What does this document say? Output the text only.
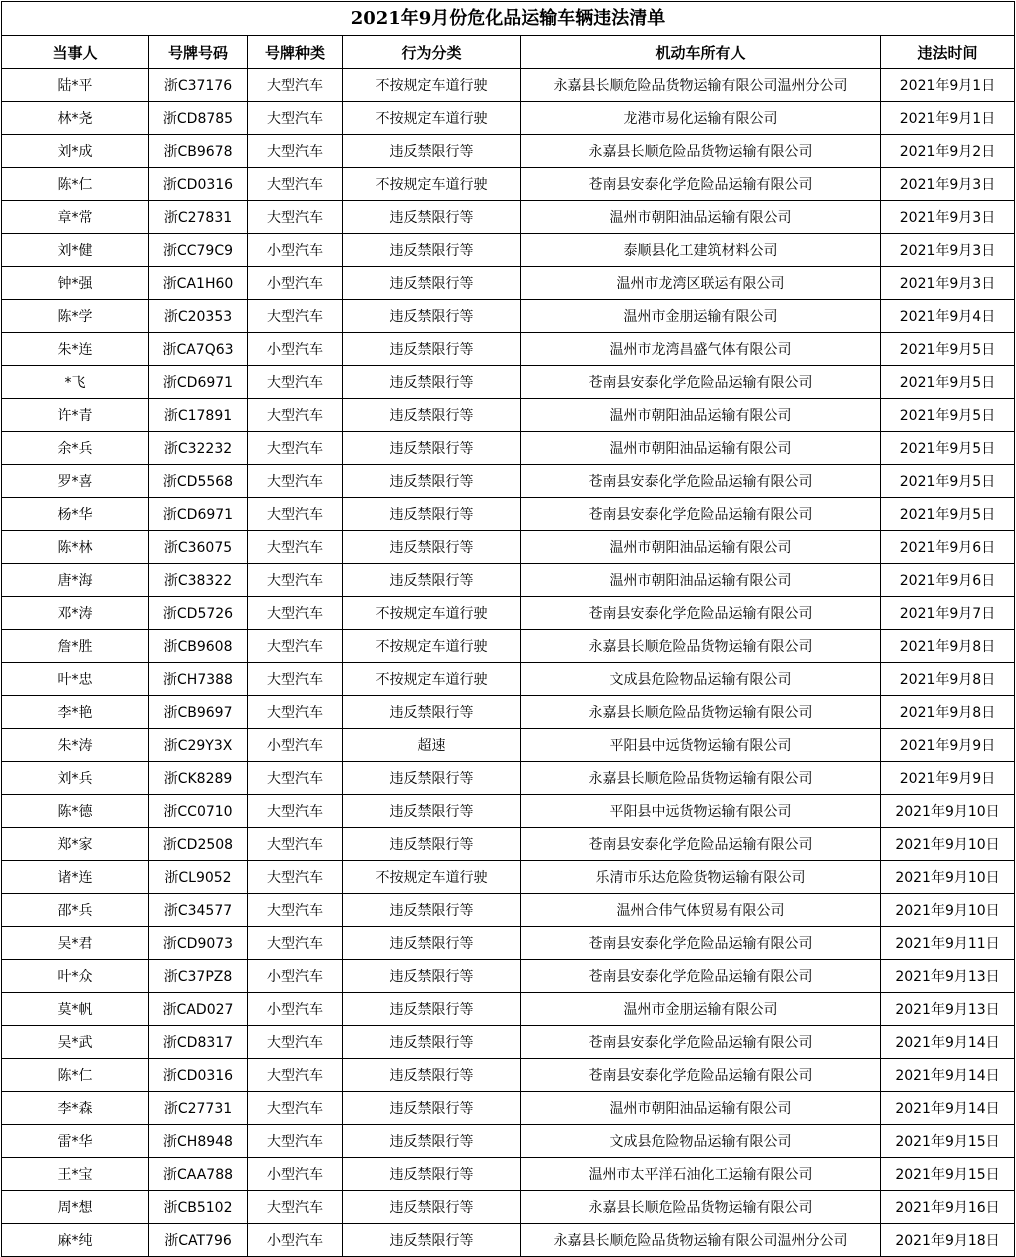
2021年9月份危化品运输车辆违法清单
当事人	号牌号码	号牌种类	行为分类	机动车所有人	违法时间
陆*平	浙C37176	大型汽车	不按规定车道行驶	永嘉县长顺危险品货物运输有限公司温州分公司	2021年9月1日
林*尧	浙CD8785	大型汽车	不按规定车道行驶	龙港市易化运输有限公司	2021年9月1日
刘*成	浙CB9678	大型汽车	违反禁限行等	永嘉县长顺危险品货物运输有限公司	2021年9月2日
陈*仁	浙CD0316	大型汽车	不按规定车道行驶	苍南县安泰化学危险品运输有限公司	2021年9月3日
章*常	浙C27831	大型汽车	违反禁限行等	温州市朝阳油品运输有限公司	2021年9月3日
刘*健	浙CC79C9	小型汽车	违反禁限行等	泰顺县化工建筑材料公司	2021年9月3日
钟*强	浙CA1H60	小型汽车	违反禁限行等	温州市龙湾区联运有限公司	2021年9月3日
陈*学	浙C20353	大型汽车	违反禁限行等	温州市金朋运输有限公司	2021年9月4日
朱*连	浙CA7Q63	小型汽车	违反禁限行等	温州市龙湾昌盛气体有限公司	2021年9月5日
*飞	浙CD6971	大型汽车	违反禁限行等	苍南县安泰化学危险品运输有限公司	2021年9月5日
许*青	浙C17891	大型汽车	违反禁限行等	温州市朝阳油品运输有限公司	2021年9月5日
余*兵	浙C32232	大型汽车	违反禁限行等	温州市朝阳油品运输有限公司	2021年9月5日
罗*喜	浙CD5568	大型汽车	违反禁限行等	苍南县安泰化学危险品运输有限公司	2021年9月5日
杨*华	浙CD6971	大型汽车	违反禁限行等	苍南县安泰化学危险品运输有限公司	2021年9月5日
陈*林	浙C36075	大型汽车	违反禁限行等	温州市朝阳油品运输有限公司	2021年9月6日
唐*海	浙C38322	大型汽车	违反禁限行等	温州市朝阳油品运输有限公司	2021年9月6日
邓*涛	浙CD5726	大型汽车	不按规定车道行驶	苍南县安泰化学危险品运输有限公司	2021年9月7日
詹*胜	浙CB9608	大型汽车	不按规定车道行驶	永嘉县长顺危险品货物运输有限公司	2021年9月8日
叶*忠	浙CH7388	大型汽车	不按规定车道行驶	文成县危险物品运输有限公司	2021年9月8日
李*艳	浙CB9697	大型汽车	违反禁限行等	永嘉县长顺危险品货物运输有限公司	2021年9月8日
朱*涛	浙C29Y3X	小型汽车	超速	平阳县中远货物运输有限公司	2021年9月9日
刘*兵	浙CK8289	大型汽车	违反禁限行等	永嘉县长顺危险品货物运输有限公司	2021年9月9日
陈*德	浙CC0710	大型汽车	违反禁限行等	平阳县中远货物运输有限公司	2021年9月10日
郑*家	浙CD2508	大型汽车	违反禁限行等	苍南县安泰化学危险品运输有限公司	2021年9月10日
诸*连	浙CL9052	大型汽车	不按规定车道行驶	乐清市乐达危险货物运输有限公司	2021年9月10日
邵*兵	浙C34577	大型汽车	违反禁限行等	温州合伟气体贸易有限公司	2021年9月10日
吴*君	浙CD9073	大型汽车	违反禁限行等	苍南县安泰化学危险品运输有限公司	2021年9月11日
叶*众	浙C37PZ8	小型汽车	违反禁限行等	苍南县安泰化学危险品运输有限公司	2021年9月13日
莫*帆	浙CAD027	小型汽车	违反禁限行等	温州市金朋运输有限公司	2021年9月13日
吴*武	浙CD8317	大型汽车	违反禁限行等	苍南县安泰化学危险品运输有限公司	2021年9月14日
陈*仁	浙CD0316	大型汽车	违反禁限行等	苍南县安泰化学危险品运输有限公司	2021年9月14日
李*森	浙C27731	大型汽车	违反禁限行等	温州市朝阳油品运输有限公司	2021年9月14日
雷*华	浙CH8948	大型汽车	违反禁限行等	文成县危险物品运输有限公司	2021年9月15日
王*宝	浙CAA788	小型汽车	违反禁限行等	温州市太平洋石油化工运输有限公司	2021年9月15日
周*想	浙CB5102	大型汽车	违反禁限行等	永嘉县长顺危险品货物运输有限公司	2021年9月16日
麻*纯	浙CAT796	小型汽车	违反禁限行等	永嘉县长顺危险品货物运输有限公司温州分公司	2021年9月18日
